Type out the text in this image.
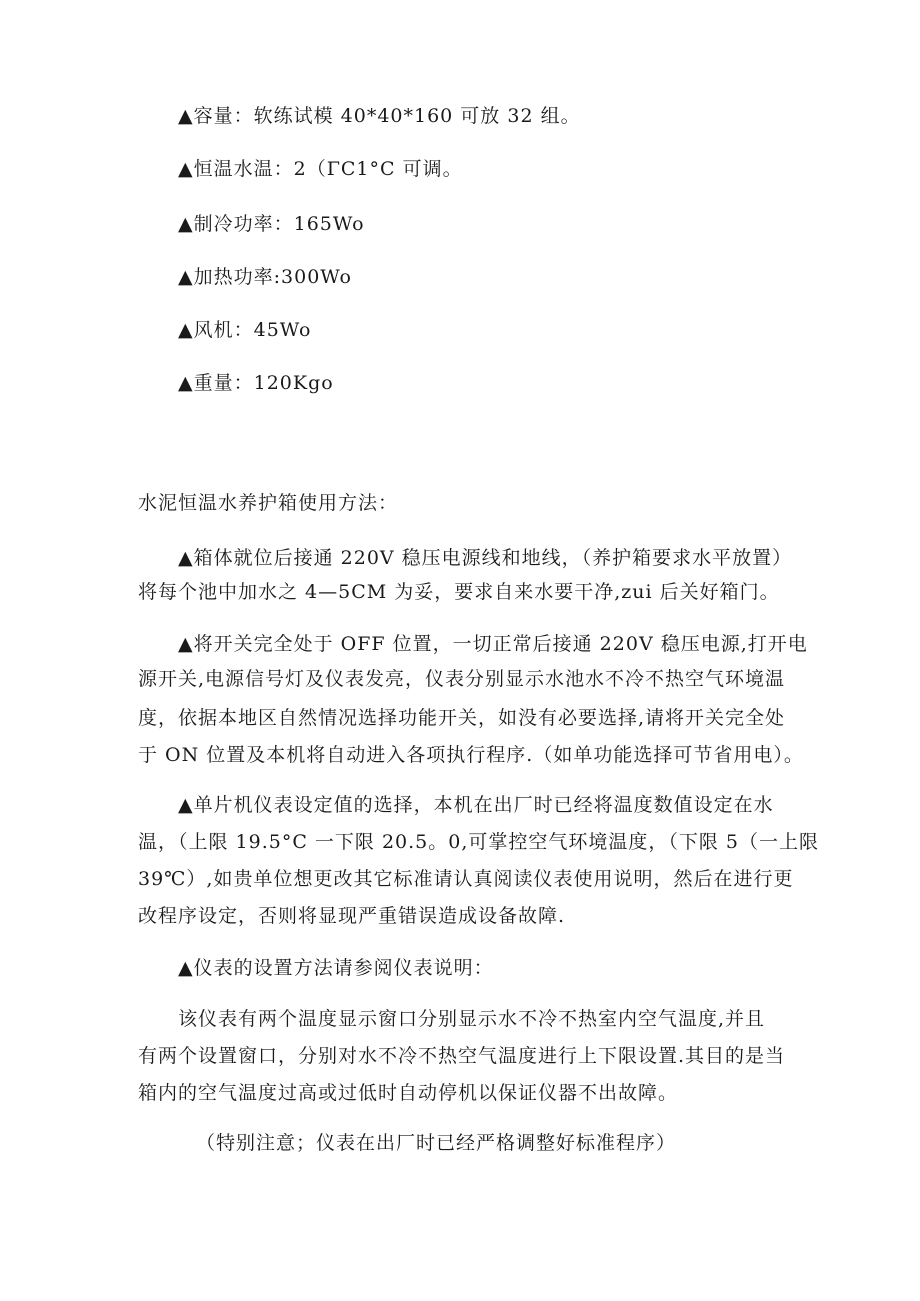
▲容量：软练试模 40*40*160 可放 32 组。
▲恒温水温：2（ΓC1°C 可调。
▲制冷功率：165Wo
▲加热功率:300Wo
▲风机：45Wo
▲重量：120Kgo
水泥恒温水养护箱使用方法：
▲箱体就位后接通 220V 稳压电源线和地线，（养护箱要求水平放置）
将每个池中加水之 4—5CM 为妥，要求自来水要干净,zui 后关好箱门。
▲将开关完全处于 OFF 位置，一切正常后接通 220V 稳压电源,打开电
源开关,电源信号灯及仪表发亮，仪表分别显示水池水不冷不热空气环境温
度，依据本地区自然情况选择功能开关，如没有必要选择,请将开关完全处
于 ON 位置及本机将自动进入各项执行程序.（如单功能选择可节省用电）。
▲单片机仪表设定值的选择，本机在出厂时已经将温度数值设定在水
温，（上限 19.5°C 一下限 20.5。0,可掌控空气环境温度，（下限 5（一上限
39℃）,如贵单位想更改其它标准请认真阅读仪表使用说明，然后在进行更
改程序设定，否则将显现严重错误造成设备故障.
▲仪表的设置方法请参阅仪表说明：
该仪表有两个温度显示窗口分别显示水不冷不热室内空气温度,并且
有两个设置窗口，分别对水不冷不热空气温度进行上下限设置.其目的是当
箱内的空气温度过高或过低时自动停机以保证仪器不出故障。
（特别注意；仪表在出厂时已经严格调整好标准程序）
